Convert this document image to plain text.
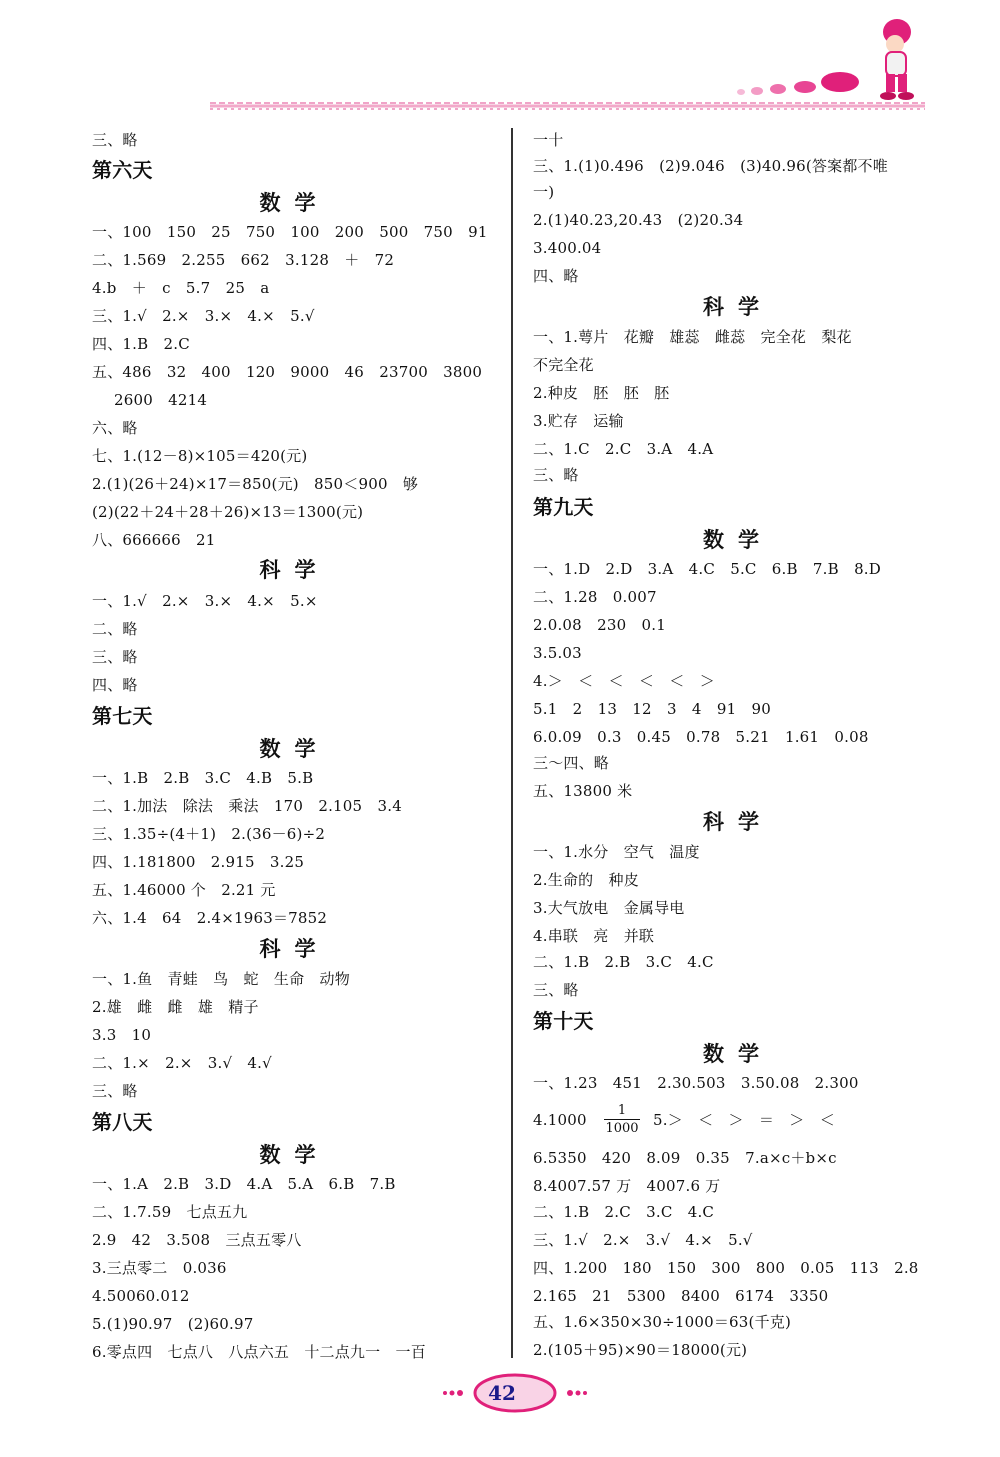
三、略
第六天
数学
一、100　150　25　750　100　200　500　750　91
二、1.569　2.255　662　3.128　＋　72
4.b　＋　c　5.7　25　a
三、1.√　2.×　3.×　4.×　5.√
四、1.B　2.C
五、486　32　400　120　9000　46　23700　3800
2600　4214
六、略
七、1.(12－8)×105＝420(元)
2.(1)(26＋24)×17＝850(元)　850＜900　够
(2)(22＋24＋28＋26)×13＝1300(元)
八、666666　21
科学
一、1.√　2.×　3.×　4.×　5.×
二、略
三、略
四、略
第七天
数学
一、1.B　2.B　3.C　4.B　5.B
二、1.加法　除法　乘法　170　2.105　3.4
三、1.35÷(4＋1)　2.(36－6)÷2
四、1.181800　2.915　3.25
五、1.46000 个　2.21 元
六、1.4　64　2.4×1963＝7852
科学
一、1.鱼　青蛙　鸟　蛇　生命　动物
2.雄　雌　雌　雄　精子
3.3　10
二、1.×　2.×　3.√　4.√
三、略
第八天
数学
一、1.A　2.B　3.D　4.A　5.A　6.B　7.B
二、1.7.59　七点五九
2.9　42　3.508　三点五零八
3.三点零二　0.036
4.50060.012
5.(1)90.97　(2)60.97
6.零点四　七点八　八点六五　十二点九一　一百
一十
三、1.(1)0.496　(2)9.046　(3)40.96(答案都不唯
一)
2.(1)40.23,20.43　(2)20.34
3.400.04
四、略
科学
一、1.萼片　花瓣　雄蕊　雌蕊　完全花　梨花
不完全花
2.种皮　胚　胚　胚
3.贮存　运输
二、1.C　2.C　3.A　4.A
三、略
第九天
数学
一、1.D　2.D　3.A　4.C　5.C　6.B　7.B　8.D
二、1.28　0.007
2.0.08　230　0.1
3.5.03
4.＞　＜　＜　＜　＜　＞
5.1　2　13　12　3　4　91　90
6.0.09　0.3　0.45　0.78　5.21　1.61　0.08
三～四、略
五、13800 米
科学
一、1.水分　空气　温度
2.生命的　种皮
3.大气放电　金属导电
4.串联　亮　并联
二、1.B　2.B　3.C　4.C
三、略
第十天
数学
一、1.23　451　2.30.503　3.50.08　2.300
4.1000	5.＞　＜　＞　＝　＞　＜
6.5350　420　8.09　0.35　7.a×c＋b×c
8.4007.57 万　4007.6 万
二、1.B　2.C　3.C　4.C
三、1.√　2.×　3.√　4.×　5.√
四、1.200　180　150　300　800　0.05　113　2.8
2.165　21　5300　8400　6174　3350
五、1.6×350×30÷1000＝63(千克)
2.(105＋95)×90＝18000(元)
1
1000
42
